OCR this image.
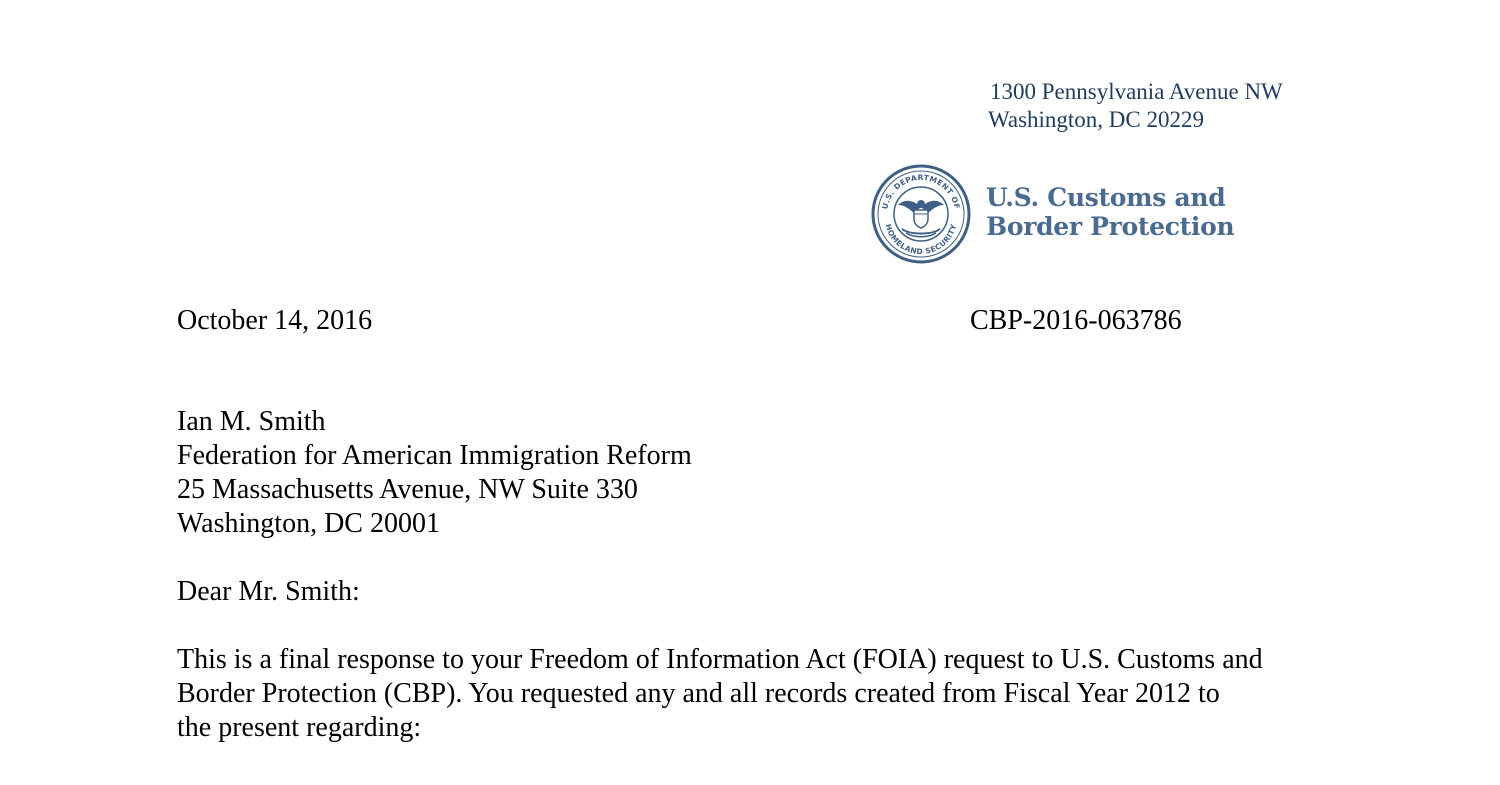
1300 Pennsylvania Avenue NW
Washington, DC 20229
U.S. DEPARTMENT OF
HOMELAND SECURITY
U.S. Customs and
Border Protection
October 14, 2016	CBP-2016-063786
Ian M. Smith
Federation for American Immigration Reform
25 Massachusetts Avenue, NW Suite 330
Washington, DC 20001
Dear Mr. Smith:
This is a final response to your Freedom of Information Act (FOIA) request to U.S. Customs and
Border Protection (CBP). You requested any and all records created from Fiscal Year 2012 to
the present regarding:
